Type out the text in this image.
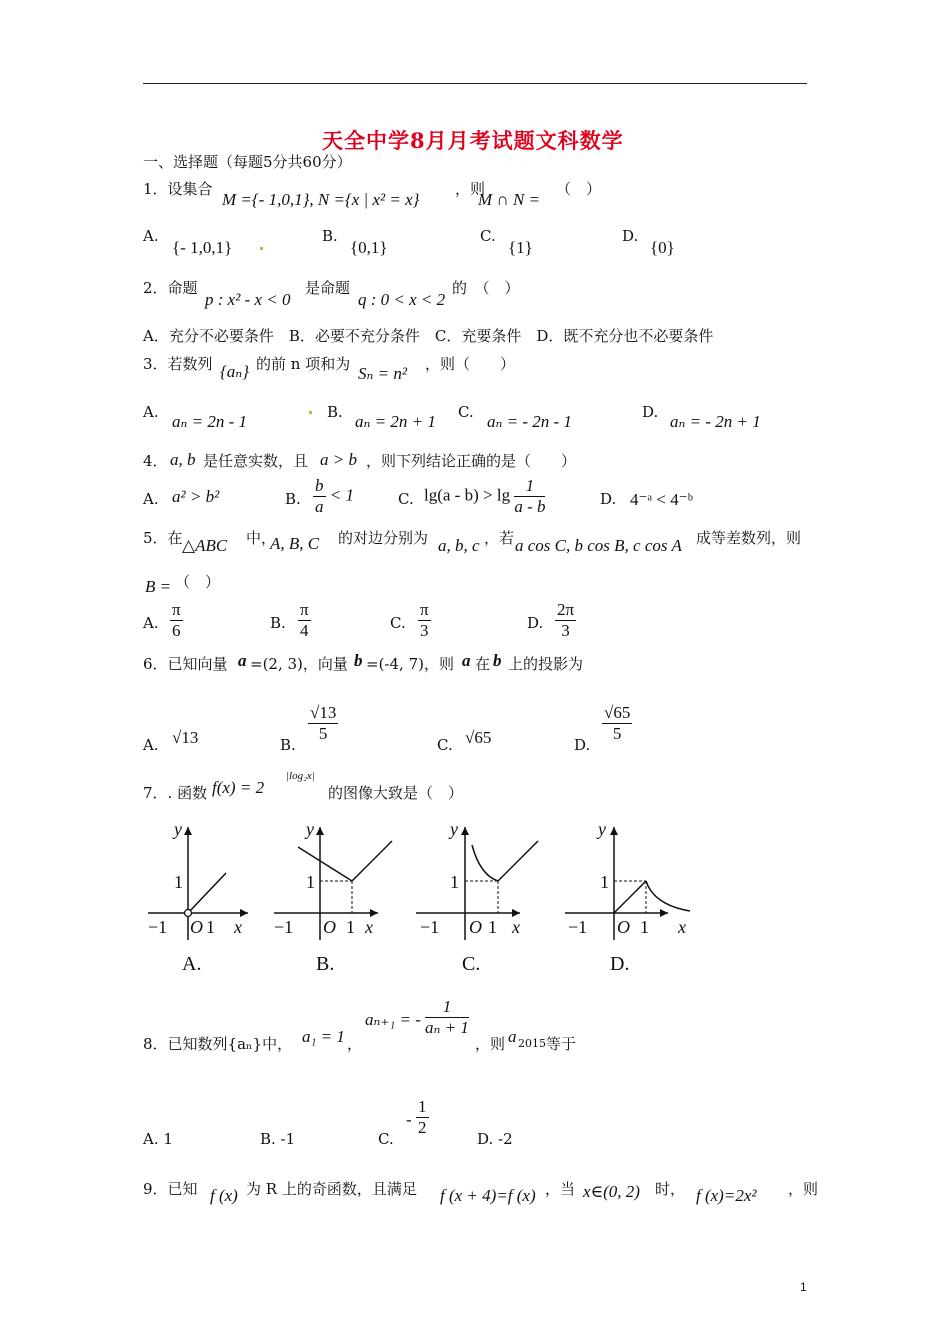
天全中学8月月考试题文科数学
一、选择题（每题5分共60分）
1．设集合
M ={- 1,0,1}, N ={x | x² = x}
，则
M ∩ N =
（　）
A.
{- 1,0,1}
B.
{0,1}
C.
{1}
D.
{0}
2．命题
p : x² - x < 0
是命题
q : 0 < x < 2
的　（　）
A．充分不必要条件　B．必要不充分条件　C．充要条件　D．既不充分也不必要条件
3．若数列 {aₙ} 的前 n 项和为 Sₙ = n² ，则（　　）
A. aₙ = 2n - 1	B. aₙ = 2n + 1 C. aₙ = - 2n - 1	D. aₙ = - 2n + 1
4． a, b 是任意实数，且 a > b ，则下列结论正确的是（　　）
A. a² > b²	B. $\frac{b}{a} < 1$	C. $\lg(a - b) > \lg \frac{1}{a - b}$	D. 4⁻ᵃ < 4⁻ᵇ
5．在 △ABC 中，
A, B, C 的对边分别为 a, b, c ，若 a cos C, b cos B, c cos A 成等差数列，则
B = （　）
A. $\frac{\pi}{6}$	B. $\frac{\pi}{4}$	C. $\frac{\pi}{3}$	D. $\frac{2\pi}{3}$
6．已知向量 a =(2, 3)，向量 b =(-4, 7)，则 a 在 b 上的投影为
A. √13	B.
$\frac{√13}{5}$
C. √65	D.
$\frac{√65}{5}$
7．. 函数 f(x) = 2
|log₂x|
的图像大致是（　）
y
1
−1 O 1 x
A.
y
1
−1 O 1 x
B.
y
1
−1 O 1 x
C.
y
1
−1 O 1 x
D.
8．已知数列{aₙ}中， a₁ = 1 ，
aₙ₊₁ = - $\frac{1}{\text{aₙ + 1}}$
，则 a 2015 等于
A. 1	B. -1	C.
- $\frac{1}{2}$
D. -2
9．已知 f (x) 为 R 上的奇函数，且满足 f (x + 4)=f (x) ，当 x∈(0, 2) 时， f (x)=2x² ，则
1
